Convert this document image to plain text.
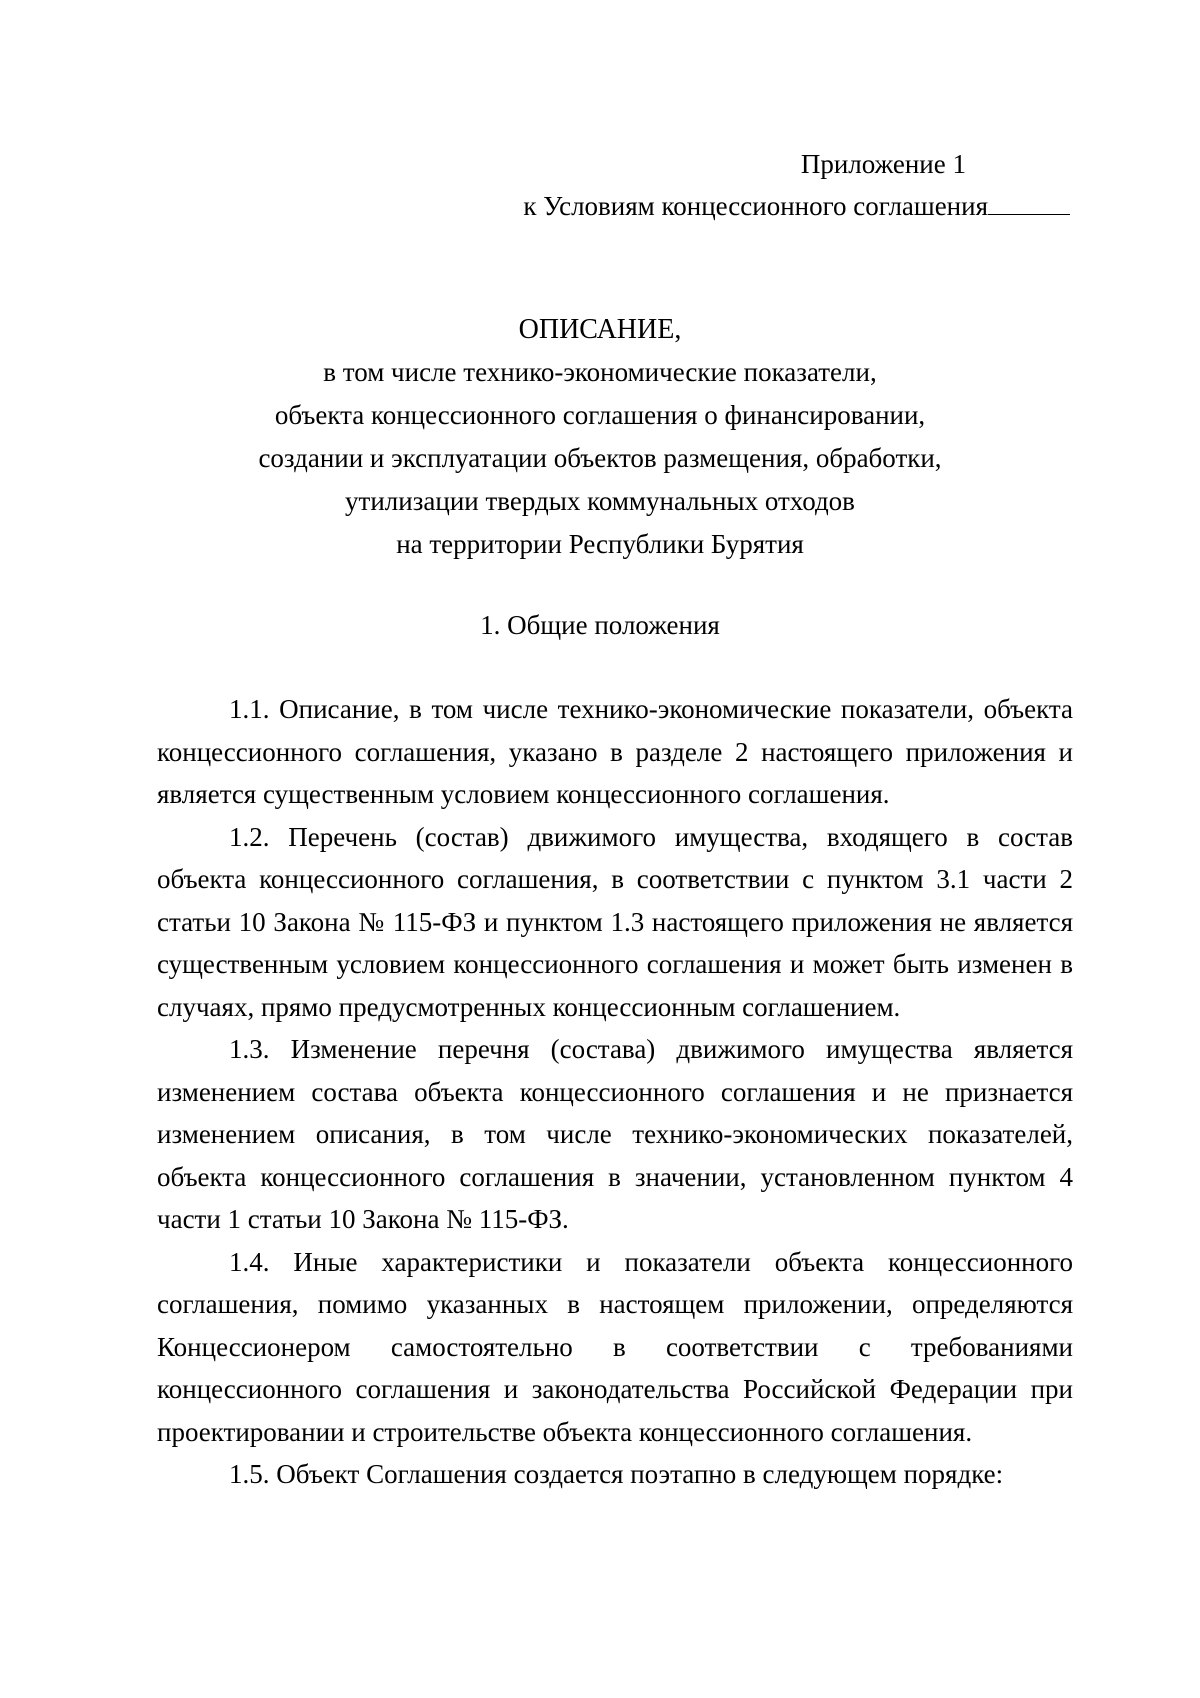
Приложение 1
к Условиям концессионного соглашения
ОПИСАНИЕ,
в том числе технико-экономические показатели,
объекта концессионного соглашения о финансировании,
создании и эксплуатации объектов размещения, обработки,
утилизации твердых коммунальных отходов
на территории Республики Бурятия
1. Общие положения

1.1. Описание, в том числе технико-экономические показатели, объекта концессионного соглашения, указано в разделе 2 настоящего приложения и является существенным условием концессионного соглашения.

1.2. Перечень (состав) движимого имущества, входящего в состав объекта концессионного соглашения, в соответствии с пунктом 3.1 части 2 статьи 10 Закона № 115-ФЗ и пунктом 1.3 настоящего приложения не является существенным условием концессионного соглашения и может быть изменен в случаях, прямо предусмотренных концессионным соглашением.

1.3. Изменение перечня (состава) движимого имущества является изменением состава объекта концессионного соглашения и не признается изменением описания, в том числе технико-экономических показателей, объекта концессионного соглашения в значении, установленном пунктом 4 части 1 статьи 10 Закона № 115-ФЗ.

1.4. Иные характеристики и показатели объекта концессионного соглашения, помимо указанных в настоящем приложении, определяются Концессионером самостоятельно в соответствии с требованиями концессионного соглашения и законодательства Российской Федерации при проектировании и строительстве объекта концессионного соглашения.

1.5. Объект Соглашения создается поэтапно в следующем порядке:
